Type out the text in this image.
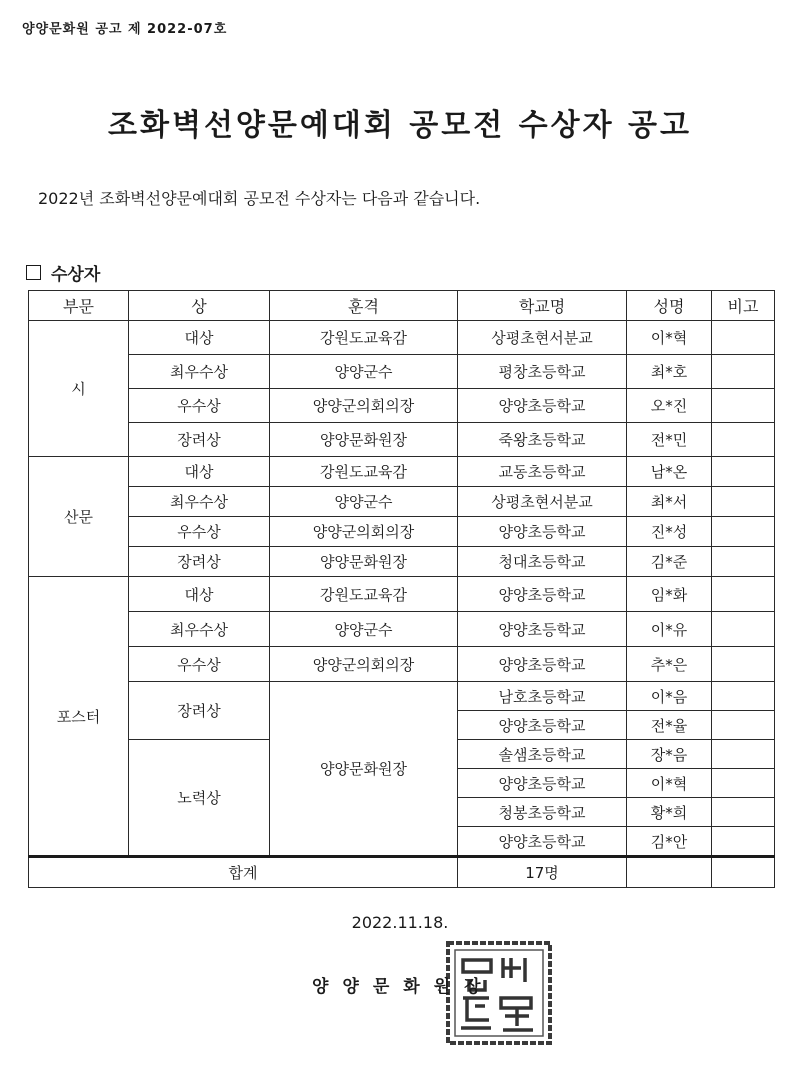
양양문화원 공고 제 2022-07호
조화벽선양문예대회 공모전 수상자 공고
2022년 조화벽선양문예대회 공모전 수상자는 다음과 같습니다.
수상자
부문	상	훈격	학교명	성명	비고
시	대상	강원도교육감	상평초현서분교	이*혁	
	최우수상	양양군수	평창초등학교	최*호	
	우수상	양양군의회의장	양양초등학교	오*진	
	장려상	양양문화원장	죽왕초등학교	전*민	
산문	대상	강원도교육감	교동초등학교	남*온	
	최우수상	양양군수	상평초현서분교	최*서	
	우수상	양양군의회의장	양양초등학교	진*성	
	장려상	양양문화원장	청대초등학교	김*준	
포스터	대상	강원도교육감	양양초등학교	임*화	
	최우수상	양양군수	양양초등학교	이*유	
	우수상	양양군의회의장	양양초등학교	추*은	
	장려상	양양문화원장	남호초등학교	이*음	
			양양초등학교	전*율	
	노력상		솔샘초등학교	장*음	
			양양초등학교	이*혁	
			청봉초등학교	황*희	
			양양초등학교	김*안	
합계			17명		
2022.11.18.
양양문화원장
